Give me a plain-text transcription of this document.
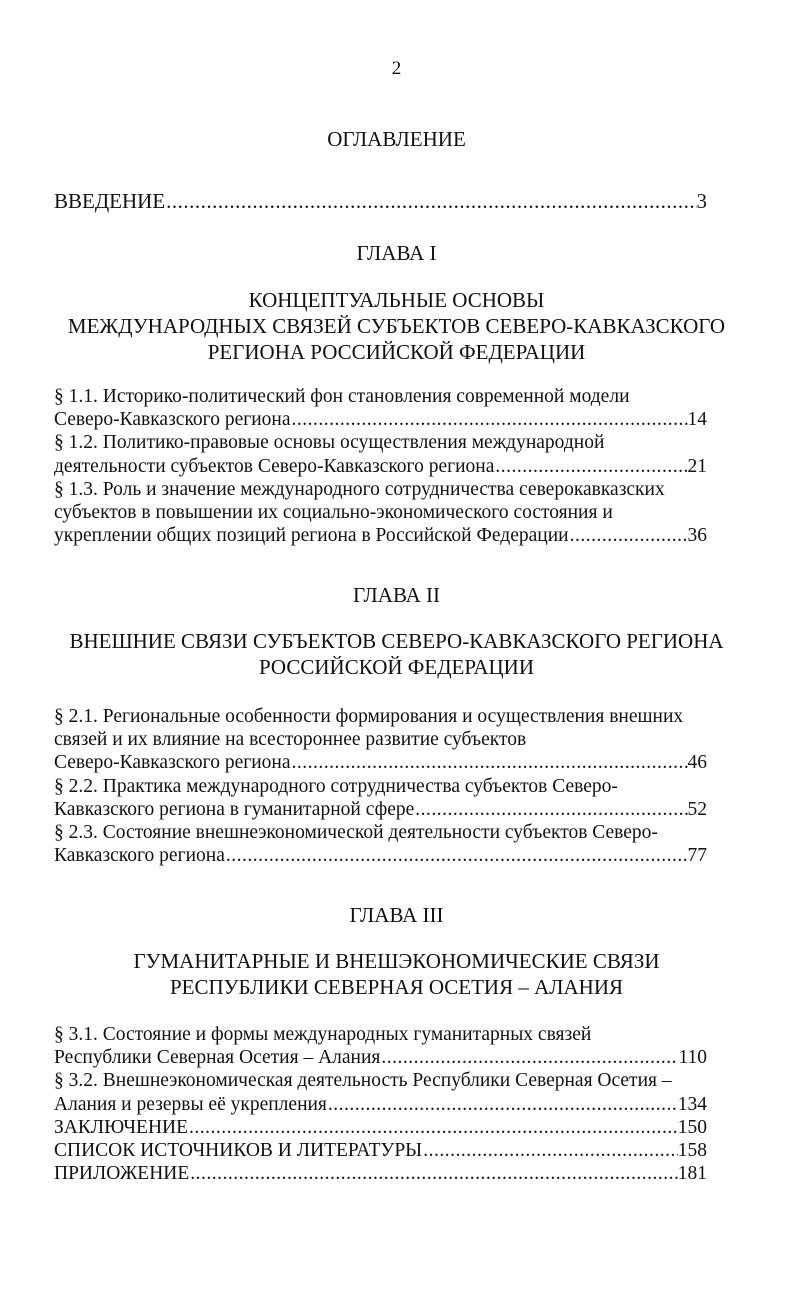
2
ОГЛАВЛЕНИЕ
ВВЕДЕНИЕ .....	3
ГЛАВА I
КОНЦЕПТУАЛЬНЫЕ ОСНОВЫ
МЕЖДУНАРОДНЫХ СВЯЗЕЙ СУБЪЕКТОВ СЕВЕРО-КАВКАЗСКОГО
РЕГИОНА РОССИЙСКОЙ ФЕДЕРАЦИИ
§ 1.1. Историко-политический фон становления современной модели
Северо-Кавказского региона .....	14
§ 1.2. Политико-правовые основы осуществления международной
деятельности субъектов Северо-Кавказского региона .....	21
§ 1.3. Роль и значение международного сотрудничества северокавказских
субъектов в повышении их социально-экономического состояния и
укреплении общих позиций региона в Российской Федерации .....	36
ГЛАВА II
ВНЕШНИЕ СВЯЗИ СУБЪЕКТОВ СЕВЕРО-КАВКАЗСКОГО РЕГИОНА
РОССИЙСКОЙ ФЕДЕРАЦИИ
§ 2.1. Региональные особенности формирования и осуществления внешних
связей и их влияние на всестороннее развитие субъектов
Северо-Кавказского региона .....	46
§ 2.2. Практика международного сотрудничества субъектов Северо-
Кавказского региона в гуманитарной сфере .....	52
§ 2.3. Состояние внешнеэкономической деятельности субъектов Северо-
Кавказского региона .....	77
ГЛАВА III
ГУМАНИТАРНЫЕ И ВНЕШЭКОНОМИЧЕСКИЕ СВЯЗИ
РЕСПУБЛИКИ СЕВЕРНАЯ ОСЕТИЯ – АЛАНИЯ
§ 3.1. Состояние и формы международных гуманитарных связей
Республики Северная Осетия – Алания .....	110
§ 3.2. Внешнеэкономическая деятельность Республики Северная Осетия –
Алания и резервы её укрепления .....	134
ЗАКЛЮЧЕНИЕ .....	150
СПИСОК ИСТОЧНИКОВ И ЛИТЕРАТУРЫ .....	158
ПРИЛОЖЕНИЕ .....	181
